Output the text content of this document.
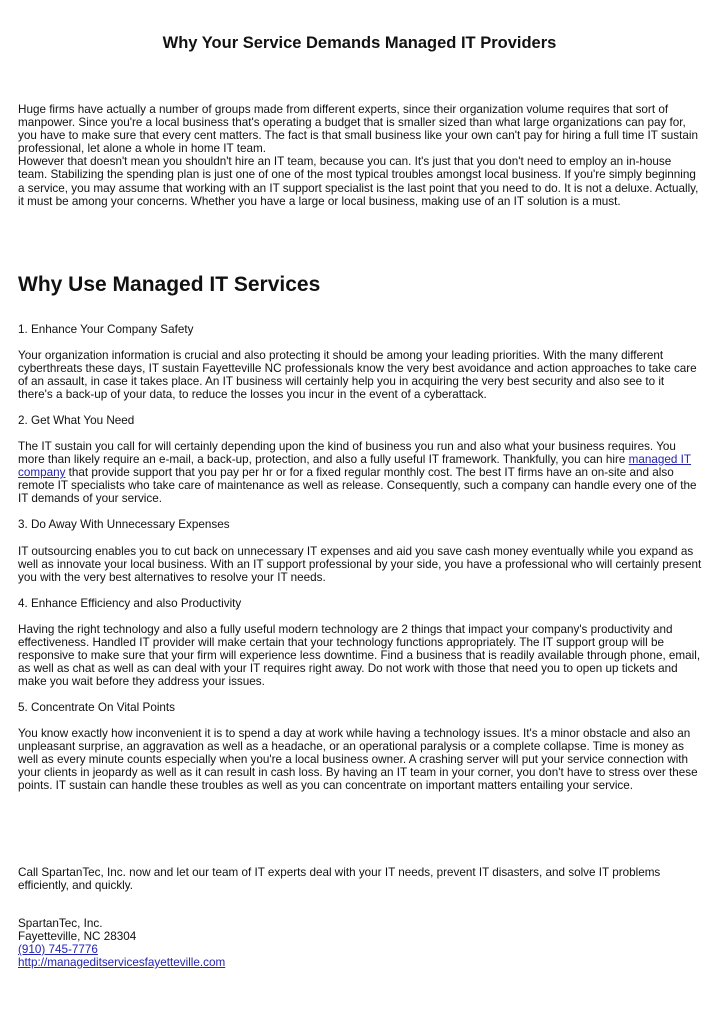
Why Your Service Demands Managed IT Providers

Huge firms have actually a number of groups made from different experts, since their organization volume requires that sort of manpower. Since you're a local business that's operating a budget that is smaller sized than what large organizations can pay for, you have to make sure that every cent matters. The fact is that small business like your own can't pay for hiring a full time IT sustain professional, let alone a whole in home IT team.

However that doesn't mean you shouldn't hire an IT team, because you can. It's just that you don't need to employ an in-house team. Stabilizing the spending plan is just one of one of the most typical troubles amongst local business. If you're simply beginning a service, you may assume that working with an IT support specialist is the last point that you need to do. It is not a deluxe. Actually, it must be among your concerns. Whether you have a large or local business, making use of an IT solution is a must.

Why Use Managed IT Services
1. Enhance Your Company Safety

Your organization information is crucial and also protecting it should be among your leading priorities. With the many different cyberthreats these days, IT sustain Fayetteville NC professionals know the very best avoidance and action approaches to take care of an assault, in case it takes place. An IT business will certainly help you in acquiring the very best security and also see to it there's a back-up of your data, to reduce the losses you incur in the event of a cyberattack.

2. Get What You Need

The IT sustain you call for will certainly depending upon the kind of business you run and also what your business requires. You more than likely require an e-mail, a back-up, protection, and also a fully useful IT framework. Thankfully, you can hire managed IT company that provide support that you pay per hr or for a fixed regular monthly cost. The best IT firms have an on-site and also remote IT specialists who take care of maintenance as well as release. Consequently, such a company can handle every one of the IT demands of your service.

3. Do Away With Unnecessary Expenses

IT outsourcing enables you to cut back on unnecessary IT expenses and aid you save cash money eventually while you expand as well as innovate your local business. With an IT support professional by your side, you have a professional who will certainly present you with the very best alternatives to resolve your IT needs.

4. Enhance Efficiency and also Productivity

Having the right technology and also a fully useful modern technology are 2 things that impact your company's productivity and effectiveness. Handled IT provider will make certain that your technology functions appropriately. The IT support group will be responsive to make sure that your firm will experience less downtime. Find a business that is readily available through phone, email, as well as chat as well as can deal with your IT requires right away. Do not work with those that need you to open up tickets and make you wait before they address your issues.

5. Concentrate On Vital Points

You know exactly how inconvenient it is to spend a day at work while having a technology issues. It's a minor obstacle and also an unpleasant surprise, an aggravation as well as a headache, or an operational paralysis or a complete collapse. Time is money as well as every minute counts especially when you're a local business owner. A crashing server will put your service connection with your clients in jeopardy as well as it can result in cash loss. By having an IT team in your corner, you don't have to stress over these points. IT sustain can handle these troubles as well as you can concentrate on important matters entailing your service.

Call SpartanTec, Inc. now and let our team of IT experts deal with your IT needs, prevent IT disasters, and solve IT problems efficiently, and quickly.

SpartanTec, Inc.
Fayetteville, NC 28304
(910) 745-7776
http://manageditservicesfayetteville.com
